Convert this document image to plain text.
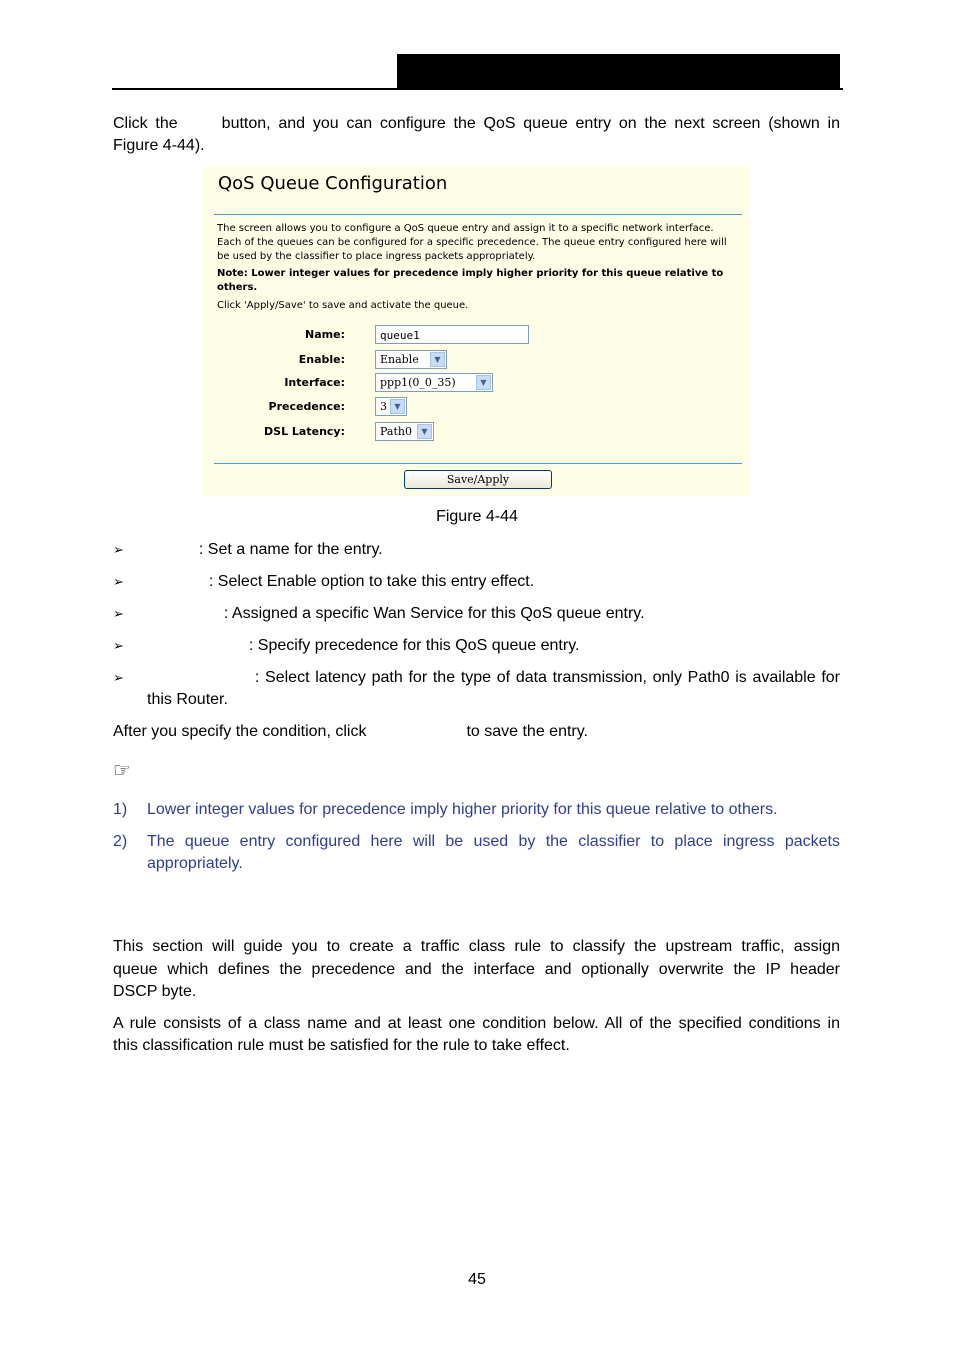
Click the	button, and you can configure the QoS queue entry on the next screen (shown in
Figure 4-44).
QoS Queue Configuration
The screen allows you to configure a QoS queue entry and assign it to a specific network interface.
Each of the queues can be configured for a specific precedence. The queue entry configured here will
be used by the classifier to place ingress packets appropriately.
Note: Lower integer values for precedence imply higher priority for this queue relative to others.
Click 'Apply/Save' to save and activate the queue.
Name:	queue1
Enable:	Enable	▼
Interface:	ppp1(0_0_35)	▼
Precedence:	3 ▼
DSL Latency:	Path0	▼
Save/Apply
Figure 4-44
➢	: Set a name for the entry.
➢	: Select Enable option to take this entry effect.
➢	: Assigned a specific Wan Service for this QoS queue entry.
➢	: Specify precedence for this QoS queue entry.
➢	: Select latency path for the type of data transmission, only Path0 is available for
this Router.
After you specify the condition, click	to save the entry.
☞
1) Lower integer values for precedence imply higher priority for this queue relative to others.
2) The queue entry configured here will be used by the classifier to place ingress packets
appropriately.
This section will guide you to create a traffic class rule to classify the upstream traffic, assign
queue which defines the precedence and the interface and optionally overwrite the IP header
DSCP byte.
A rule consists of a class name and at least one condition below. All of the specified conditions in
this classification rule must be satisfied for the rule to take effect.
45
